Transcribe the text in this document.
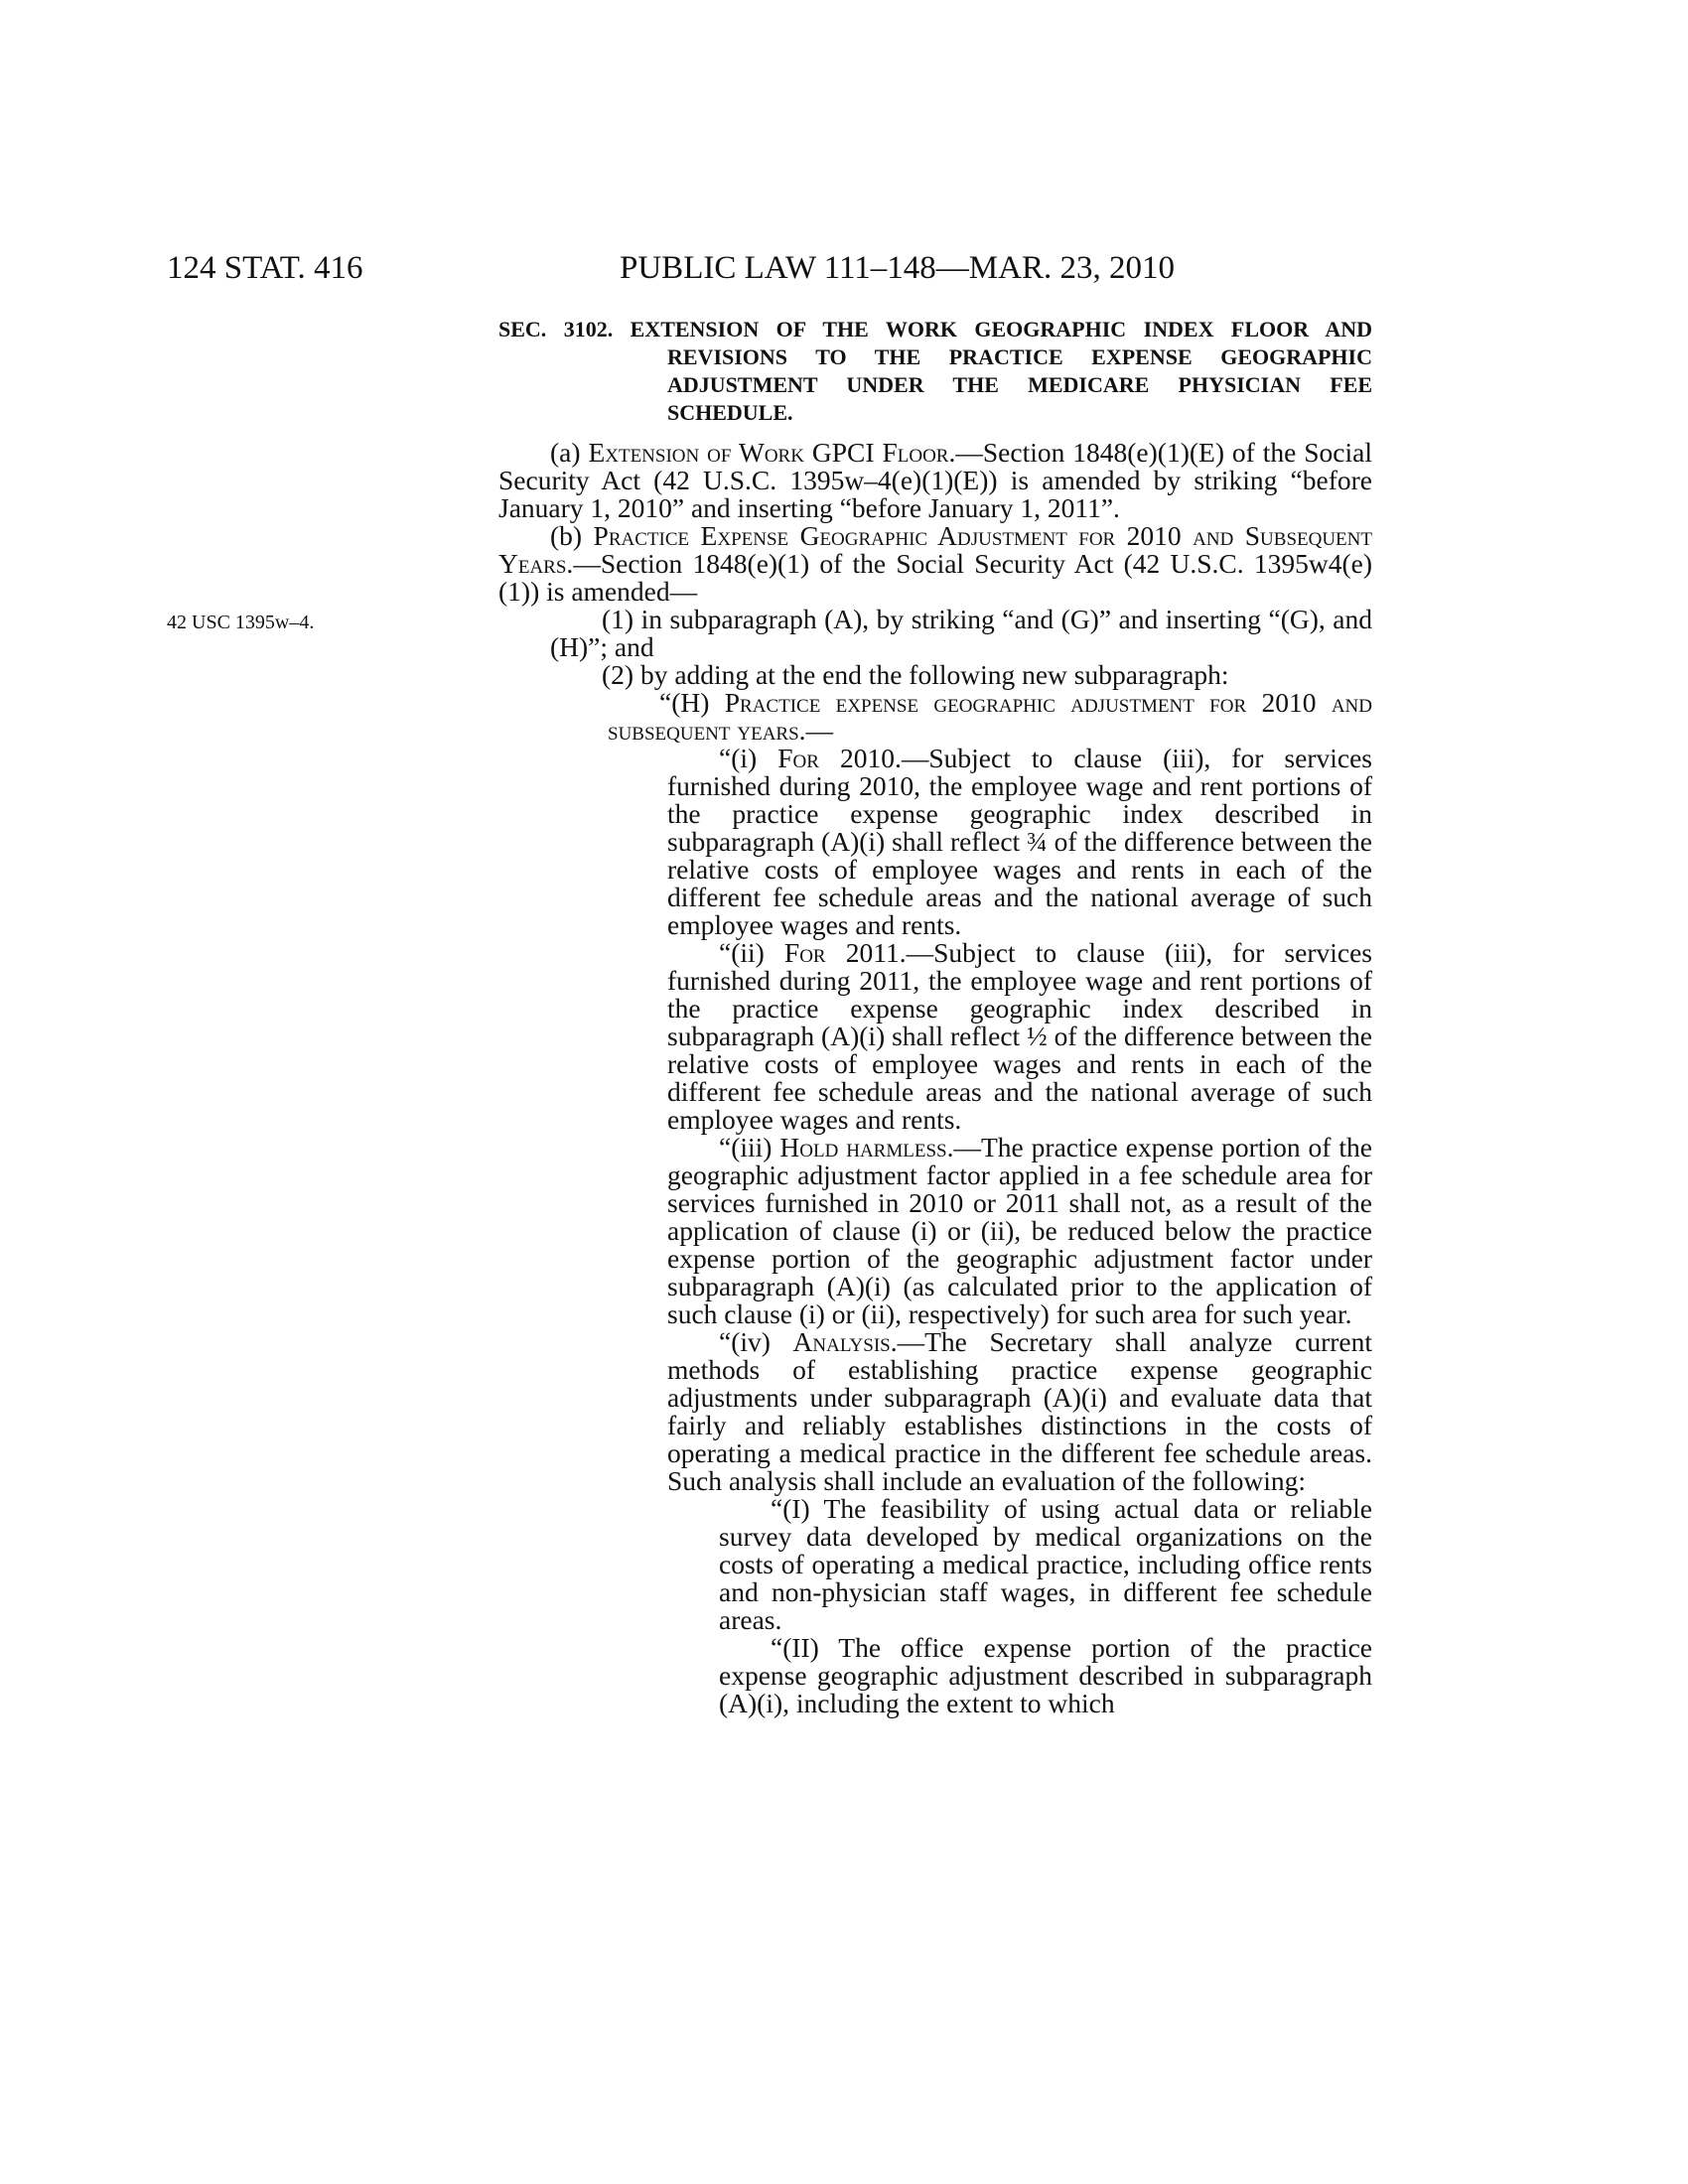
124 STAT. 416	PUBLIC LAW 111–148—MAR. 23, 2010
42 USC 1395w–4.

SEC. 3102. EXTENSION OF THE WORK GEOGRAPHIC INDEX FLOOR AND REVISIONS TO THE PRACTICE EXPENSE GEOGRAPHIC ADJUSTMENT UNDER THE MEDICARE PHYSICIAN FEE SCHEDULE.

(a) Extension of Work GPCI Floor.—Section 1848(e)(1)(E) of the Social Security Act (42 U.S.C. 1395w–4(e)(1)(E)) is amended by striking “before January 1, 2010” and inserting “before January 1, 2011”.

(b) Practice Expense Geographic Adjustment for 2010 and Subsequent Years.—Section 1848(e)(1) of the Social Security Act (42 U.S.C. 1395w4(e)(1)) is amended—

(1) in subparagraph (A), by striking “and (G)” and inserting “(G), and (H)”; and

(2) by adding at the end the following new subparagraph:

“(H) Practice expense geographic adjustment for 2010 and subsequent years.—

“(i) For 2010.—Subject to clause (iii), for services furnished during 2010, the employee wage and rent portions of the practice expense geographic index described in subparagraph (A)(i) shall reflect ¾ of the difference between the relative costs of employee wages and rents in each of the different fee schedule areas and the national average of such employee wages and rents.

“(ii) For 2011.—Subject to clause (iii), for services furnished during 2011, the employee wage and rent portions of the practice expense geographic index described in subparagraph (A)(i) shall reflect ½ of the difference between the relative costs of employee wages and rents in each of the different fee schedule areas and the national average of such employee wages and rents.

“(iii) Hold harmless.—The practice expense portion of the geographic adjustment factor applied in a fee schedule area for services furnished in 2010 or 2011 shall not, as a result of the application of clause (i) or (ii), be reduced below the practice expense portion of the geographic adjustment factor under subparagraph (A)(i) (as calculated prior to the application of such clause (i) or (ii), respectively) for such area for such year.

“(iv) Analysis.—The Secretary shall analyze current methods of establishing practice expense geographic adjustments under subparagraph (A)(i) and evaluate data that fairly and reliably establishes distinctions in the costs of operating a medical practice in the different fee schedule areas. Such analysis shall include an evaluation of the following:

“(I) The feasibility of using actual data or reliable survey data developed by medical organizations on the costs of operating a medical practice, including office rents and non-physician staff wages, in different fee schedule areas.

“(II) The office expense portion of the practice expense geographic adjustment described in subparagraph (A)(i), including the extent to which
